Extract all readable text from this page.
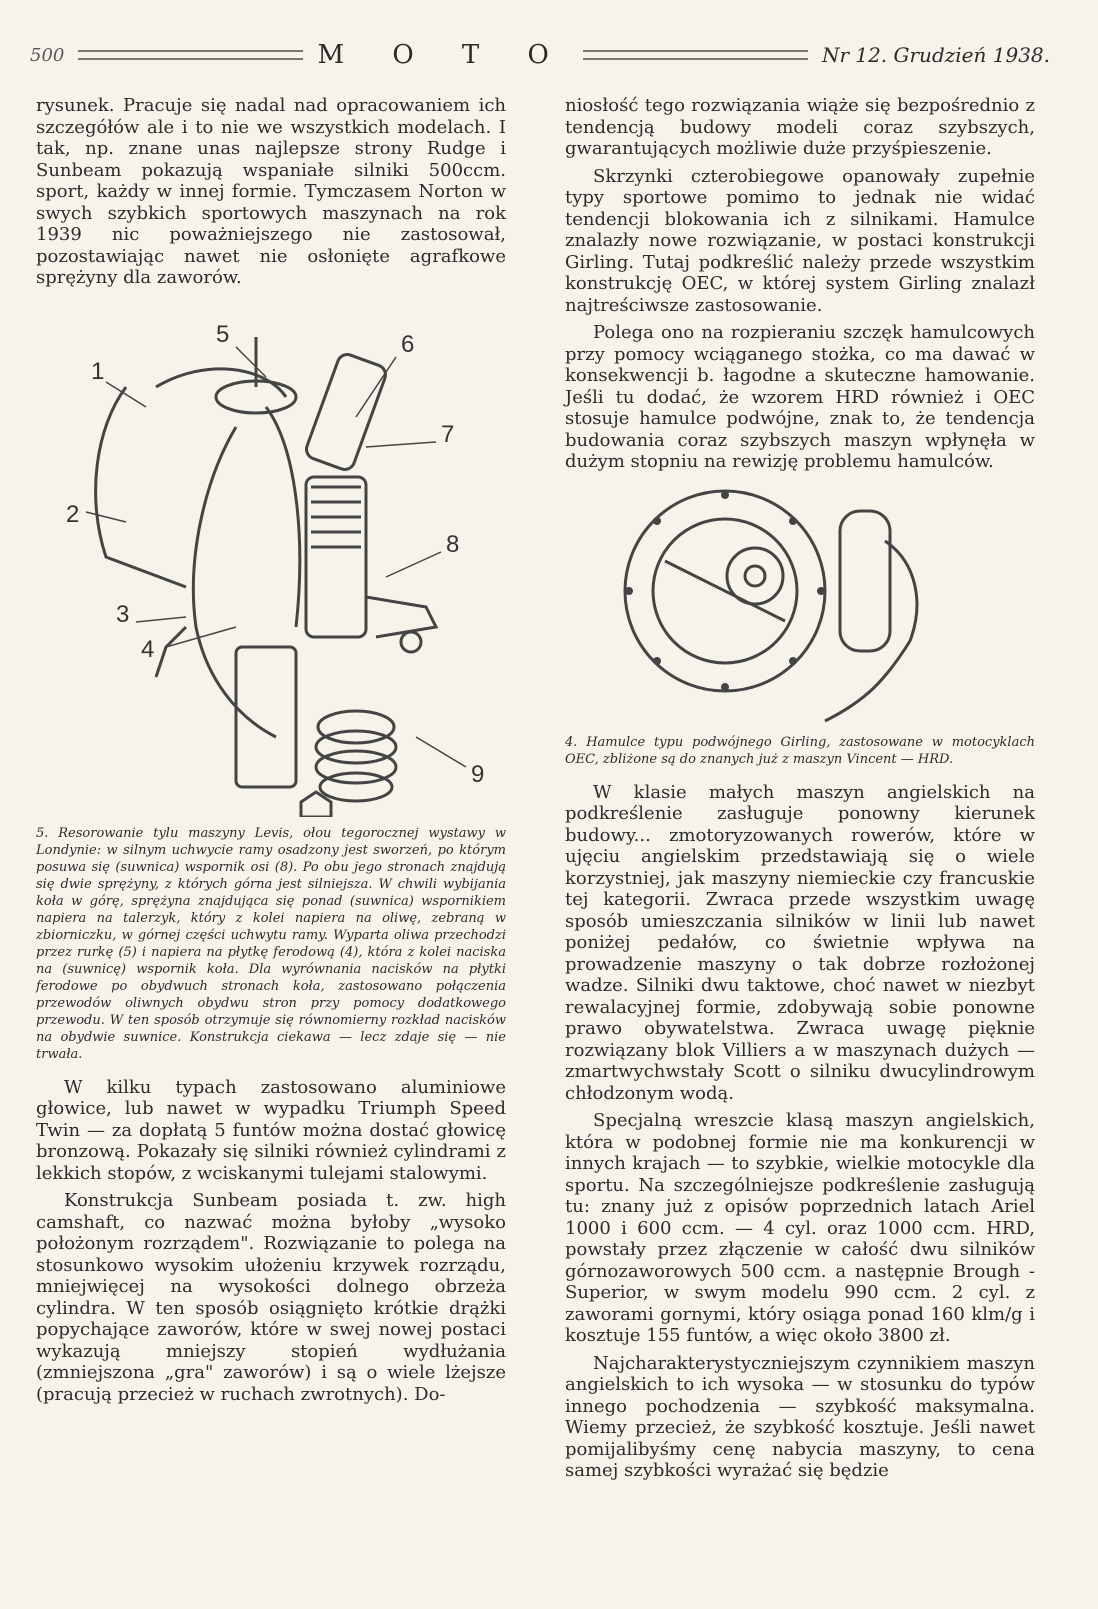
500	M O T O	Nr 12. Grudzień 1938.

rysunek. Pracuje się nadal nad opracowaniem ich szczegółów ale i to nie we wszystkich modelach. I tak, np. znane unas najlepsze strony Rudge i Sunbeam pokazują wspaniałe silniki 500ccm. sport, każdy w innej formie. Tymczasem Norton w swych szybkich sportowych maszynach na rok 1939 nic poważniejszego nie zastosował, pozostawiając nawet nie osłonięte agrafkowe sprężyny dla zaworów.

1
2
3
4
5	6
7
8
9
5. Resorowanie tylu maszyny Levis, ołou tegorocznej wystawy w Londynie: w silnym uchwycie ramy osadzony jest sworzeń, po którym posuwa się (suwnica) wspornik osi (8). Po obu jego stronach znajdują się dwie sprężyny, z których górna jest silniejsza. W chwili wybijania koła w górę, sprężyna znajdująca się ponad (suwnica) wspornikiem napiera na talerzyk, który z kolei napiera na oliwę, zebraną w zbiorniczku, w górnej części uchwytu ramy. Wyparta oliwa przechodzi przez rurkę (5) i napiera na płytkę ferodową (4), która z kolei naciska na (suwnicę) wspornik koła. Dla wyrównania nacisków na płytki ferodowe po obydwuch stronach koła, zastosowano połączenia przewodów oliwnych obydwu stron przy pomocy dodatkowego przewodu. W ten sposób otrzymuje się równomierny rozkład nacisków na obydwie suwnice. Konstrukcja ciekawa — lecz zdaje się — nie trwała.

W kilku typach zastosowano aluminiowe głowice, lub nawet w wypadku Triumph Speed Twin — za dopłatą 5 funtów można dostać głowicę bronzową. Pokazały się silniki również cylindrami z lekkich stopów, z wciskanymi tulejami stalowymi.

Konstrukcja Sunbeam posiada t. zw. high camshaft, co nazwać można byłoby „wysoko położonym rozrządem". Rozwiązanie to polega na stosunkowo wysokim ułożeniu krzywek rozrządu, mniejwięcej na wysokości dolnego obrzeża cylindra. W ten sposób osiągnięto krótkie drążki popychające zaworów, które w swej nowej postaci wykazują mniejszy stopień wydłużania (zmniejszona „gra" zaworów) i są o wiele lżejsze (pracują przecież w ruchach zwrotnych). Do-

niosłość tego rozwiązania wiąże się bezpośrednio z tendencją budowy modeli coraz szybszych, gwarantujących możliwie duże przyśpieszenie.

Skrzynki czterobiegowe opanowały zupełnie typy sportowe pomimo to jednak nie widać tendencji blokowania ich z silnikami. Hamulce znalazły nowe rozwiązanie, w postaci konstrukcji Girling. Tutaj podkreślić należy przede wszystkim konstrukcję OEC, w której system Girling znalazł najtreściwsze zastosowanie.

Polega ono na rozpieraniu szczęk hamulcowych przy pomocy wciąganego stożka, co ma dawać w konsekwencji b. łagodne a skuteczne hamowanie. Jeśli tu dodać, że wzorem HRD również i OEC stosuje hamulce podwójne, znak to, że tendencja budowania coraz szybszych maszyn wpłynęła w dużym stopniu na rewizję problemu hamulców.

4. Hamulce typu podwójnego Girling, zastosowane w motocyklach OEC, zbliżone są do znanych już z maszyn Vincent — HRD.

W klasie małych maszyn angielskich na podkreślenie zasługuje ponowny kierunek budowy... zmotoryzowanych rowerów, które w ujęciu angielskim przedstawiają się o wiele korzystniej, jak maszyny niemieckie czy francuskie tej kategorii. Zwraca przede wszystkim uwagę sposób umieszczania silników w linii lub nawet poniżej pedałów, co świetnie wpływa na prowadzenie maszyny o tak dobrze rozłożonej wadze. Silniki dwu taktowe, choć nawet w niezbyt rewalacyjnej formie, zdobywają sobie ponowne prawo obywatelstwa. Zwraca uwagę pięknie rozwiązany blok Villiers a w maszynach dużych — zmartwychwstały Scott o silniku dwucylindrowym chłodzonym wodą.

Specjalną wreszcie klasą maszyn angielskich, która w podobnej formie nie ma konkurencji w innych krajach — to szybkie, wielkie motocykle dla sportu. Na szczególniejsze podkreślenie zasługują tu: znany już z opisów poprzednich latach Ariel 1000 i 600 ccm. — 4 cyl. oraz 1000 ccm. HRD, powstały przez złączenie w całość dwu silników górnozaworowych 500 ccm. a następnie Brough - Superior, w swym modelu 990 ccm. 2 cyl. z zaworami gornymi, który osiąga ponad 160 klm/g i kosztuje 155 funtów, a więc około 3800 zł.

Najcharakterystyczniejszym czynnikiem maszyn angielskich to ich wysoka — w stosunku do typów innego pochodzenia — szybkość maksymalna. Wiemy przecież, że szybkość kosztuje. Jeśli nawet pomijalibyśmy cenę nabycia maszyny, to cena samej szybkości wyrażać się będzie
